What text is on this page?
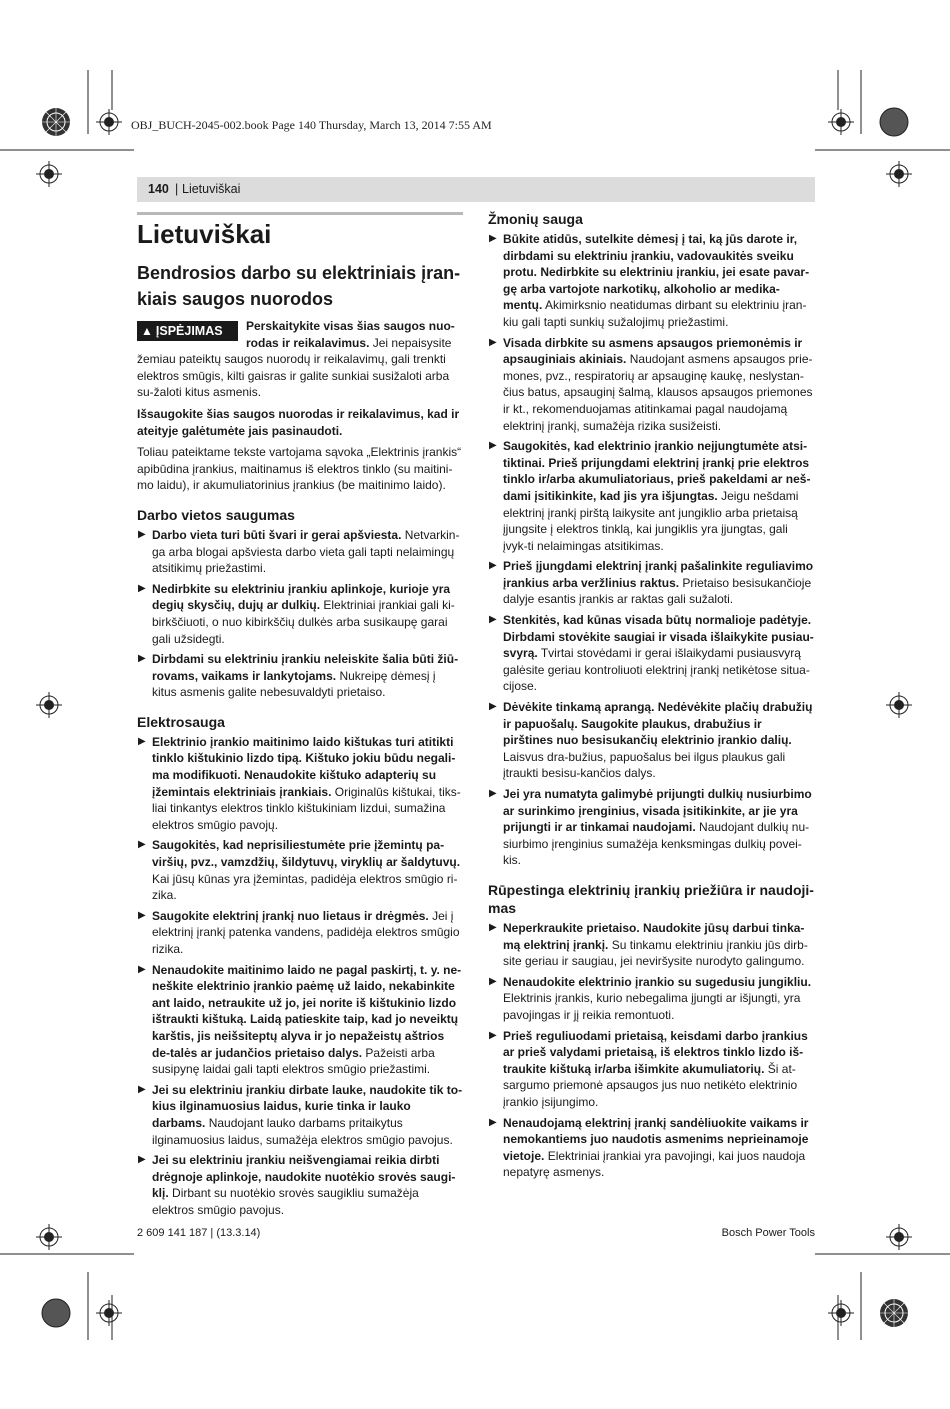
OBJ_BUCH-2045-002.book Page 140 Thursday, March 13, 2014 7:55 AM
140 | Lietuviškai
Lietuviškai
Bendrosios darbo su elektriniais įran-kiais saugos nuorodos
▲ ĮSPĖJIMAS	Perskaitykite visas šias saugos nuo-rodas ir reikalavimus. Jei nepaisysite žemiau pateiktų saugos nuorodų ir reikalavimų, gali trenkti elektros smūgis, kilti gaisras ir galite sunkiai susižaloti arba su-žaloti kitus asmenis.

Išsaugokite šias saugos nuorodas ir reikalavimus, kad ir ateityje galėtumėte jais pasinaudoti.

Toliau pateiktame tekste vartojama sąvoka „Elektrinis įrankis“ apibūdina įrankius, maitinamus iš elektros tinklo (su maitini-mo laidu), ir akumuliatorinius įrankius (be maitinimo laido).

Darbo vietos saugumas
▶ Darbo vieta turi būti švari ir gerai apšviesta. Netvarkin-ga arba blogai apšviesta darbo vieta gali tapti nelaimingų atsitikimų priežastimi.
▶ Nedirbkite su elektriniu įrankiu aplinkoje, kurioje yra degių skysčių, dujų ar dulkių. Elektriniai įrankiai gali ki-birkščiuoti, o nuo kibirkščių dulkės arba susikaupę garai gali užsidegti.
▶ Dirbdami su elektriniu įrankiu neleiskite šalia būti žiū-rovams, vaikams ir lankytojams. Nukreipę dėmesį į kitus asmenis galite nebesuvaldyti prietaiso.
Elektrosauga
▶ Elektrinio įrankio maitinimo laido kištukas turi atitikti tinklo kištukinio lizdo tipą. Kištuko jokiu būdu negali-ma modifikuoti. Nenaudokite kištuko adapterių su įžemintais elektriniais įrankiais. Originalūs kištukai, tiks-liai tinkantys elektros tinklo kištukiniam lizdui, sumažina elektros smūgio pavojų.
▶ Saugokitės, kad neprisiliestumėte prie įžemintų pa-viršių, pvz., vamzdžių, šildytuvų, viryklių ar šaldytuvų. Kai jūsų kūnas yra įžemintas, padidėja elektros smūgio ri-zika.
▶ Saugokite elektrinį įrankį nuo lietaus ir drėgmės. Jei į elektrinį įrankį patenka vandens, padidėja elektros smūgio rizika.
▶ Nenaudokite maitinimo laido ne pagal paskirtį, t. y. ne-neškite elektrinio įrankio paėmę už laido, nekabinkite ant laido, netraukite už jo, jei norite iš kištukinio lizdo ištraukti kištuką. Laidą patieskite taip, kad jo neveiktų karštis, jis neišsiteptų alyva ir jo nepažeistų aštrios de-talės ar judančios prietaiso dalys. Pažeisti arba susipynę laidai gali tapti elektros smūgio priežastimi.
▶ Jei su elektriniu įrankiu dirbate lauke, naudokite tik to-kius ilginamuosius laidus, kurie tinka ir lauko darbams. Naudojant lauko darbams pritaikytus ilginamuosius laidus, sumažėja elektros smūgio pavojus.
▶ Jei su elektriniu įrankiu neišvengiamai reikia dirbti drėgnoje aplinkoje, naudokite nuotėkio srovės saugi-klį. Dirbant su nuotėkio srovės saugikliu sumažėja elektros smūgio pavojus.
Žmonių sauga
▶ Būkite atidūs, sutelkite dėmesį į tai, ką jūs darote ir, dirbdami su elektriniu įrankiu, vadovaukitės sveiku protu. Nedirbkite su elektriniu įrankiu, jei esate pavar-gę arba vartojote narkotikų, alkoholio ar medika-mentų. Akimirksnio neatidumas dirbant su elektriniu įran-kiu gali tapti sunkių sužalojimų priežastimi.
▶ Visada dirbkite su asmens apsaugos priemonėmis ir apsauginiais akiniais. Naudojant asmens apsaugos prie-mones, pvz., respiratorių ar apsauginę kaukę, neslystan-čius batus, apsauginį šalmą, klausos apsaugos priemones ir kt., rekomenduojamas atitinkamai pagal naudojamą elektrinį įrankį, sumažėja rizika susižeisti.
▶ Saugokitės, kad elektrinio įrankio neįjungtumėte atsi-tiktinai. Prieš prijungdami elektrinį įrankį prie elektros tinklo ir/arba akumuliatoriaus, prieš pakeldami ar neš-dami įsitikinkite, kad jis yra išjungtas. Jeigu nešdami elektrinį įrankį pirštą laikysite ant jungiklio arba prietaisą įjungsite į elektros tinklą, kai jungiklis yra įjungtas, gali įvyk-ti nelaimingas atsitikimas.
▶ Prieš įjungdami elektrinį įrankį pašalinkite reguliavimo įrankius arba veržlinius raktus. Prietaiso besisukančioje dalyje esantis įrankis ar raktas gali sužaloti.
▶ Stenkitės, kad kūnas visada būtų normalioje padėtyje. Dirbdami stovėkite saugiai ir visada išlaikykite pusiau-svyrą. Tvirtai stovėdami ir gerai išlaikydami pusiausvyrą galėsite geriau kontroliuoti elektrinį įrankį netikėtose situa-cijose.
▶ Dėvėkite tinkamą aprangą. Nedėvėkite plačių drabužių ir papuošalų. Saugokite plaukus, drabužius ir pirštines nuo besisukančių elektrinio įrankio dalių. Laisvus dra-bužius, papuošalus bei ilgus plaukus gali įtraukti besisu-kančios dalys.
▶ Jei yra numatyta galimybė prijungti dulkių nusiurbimo ar surinkimo įrenginius, visada įsitikinkite, ar jie yra prijungti ir ar tinkamai naudojami. Naudojant dulkių nu-siurbimo įrenginius sumažėja kenksmingas dulkių povei-kis.
Rūpestinga elektrinių įrankių priežiūra ir naudoji-mas
▶ Neperkraukite prietaiso. Naudokite jūsų darbui tinka-mą elektrinį įrankį. Su tinkamu elektriniu įrankiu jūs dirb-site geriau ir saugiau, jei neviršysite nurodyto galingumo.
▶ Nenaudokite elektrinio įrankio su sugedusiu jungikliu. Elektrinis įrankis, kurio nebegalima įjungti ar išjungti, yra pavojingas ir jį reikia remontuoti.
▶ Prieš reguliuodami prietaisą, keisdami darbo įrankius ar prieš valydami prietaisą, iš elektros tinklo lizdo iš-traukite kištuką ir/arba išimkite akumuliatorių. Ši at-sargumo priemonė apsaugos jus nuo netikėto elektrinio įrankio įsijungimo.
▶ Nenaudojamą elektrinį įrankį sandėliuokite vaikams ir nemokantiems juo naudotis asmenims neprieinamoje vietoje. Elektriniai įrankiai yra pavojingi, kai juos naudoja nepatyrę asmenys.
2 609 141 187 | (13.3.14)	Bosch Power Tools
